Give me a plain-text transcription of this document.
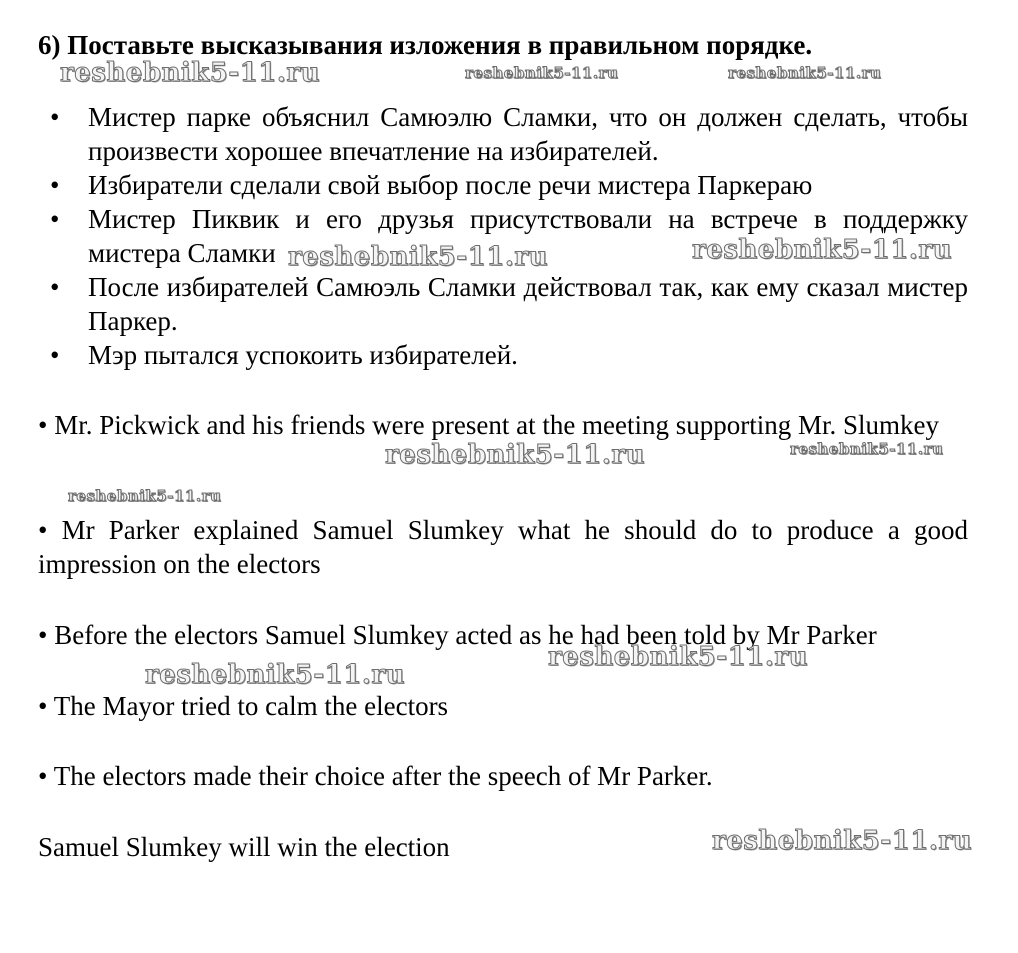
6) Поставьте высказывания изложения в правильном порядке.
• Мистер парке объяснил Самюэлю Сламки, что он должен сделать, чтобы произвести хорошее впечатление на избирателей.
• Избиратели сделали свой выбор после речи мистера Паркераю
• Мистер Пиквик и его друзья присутствовали на встрече в поддержку мистера Сламки
• После избирателей Самюэль Сламки действовал так, как ему сказал мистер Паркер.
• Мэр пытался успокоить избирателей.
• Mr. Pickwick and his friends were present at the meeting supporting Mr. Slumkey
• Mr Parker explained Samuel Slumkey what he should do to produce a good impression on the electors
• Before the electors Samuel Slumkey acted as he had been told by Mr Parker
• The Mayor tried to calm the electors
• The electors made their choice after the speech of Mr Parker.
Samuel Slumkey will win the election
reshebnik5-11.ru	reshebnik5-11.ru	reshebnik5-11.ru
reshebnik5-11.ru	reshebnik5-11.ru
reshebnik5-11.ru	reshebnik5-11.ru
reshebnik5-11.ru
reshebnik5-11.ru
reshebnik5-11.ru
reshebnik5-11.ru
